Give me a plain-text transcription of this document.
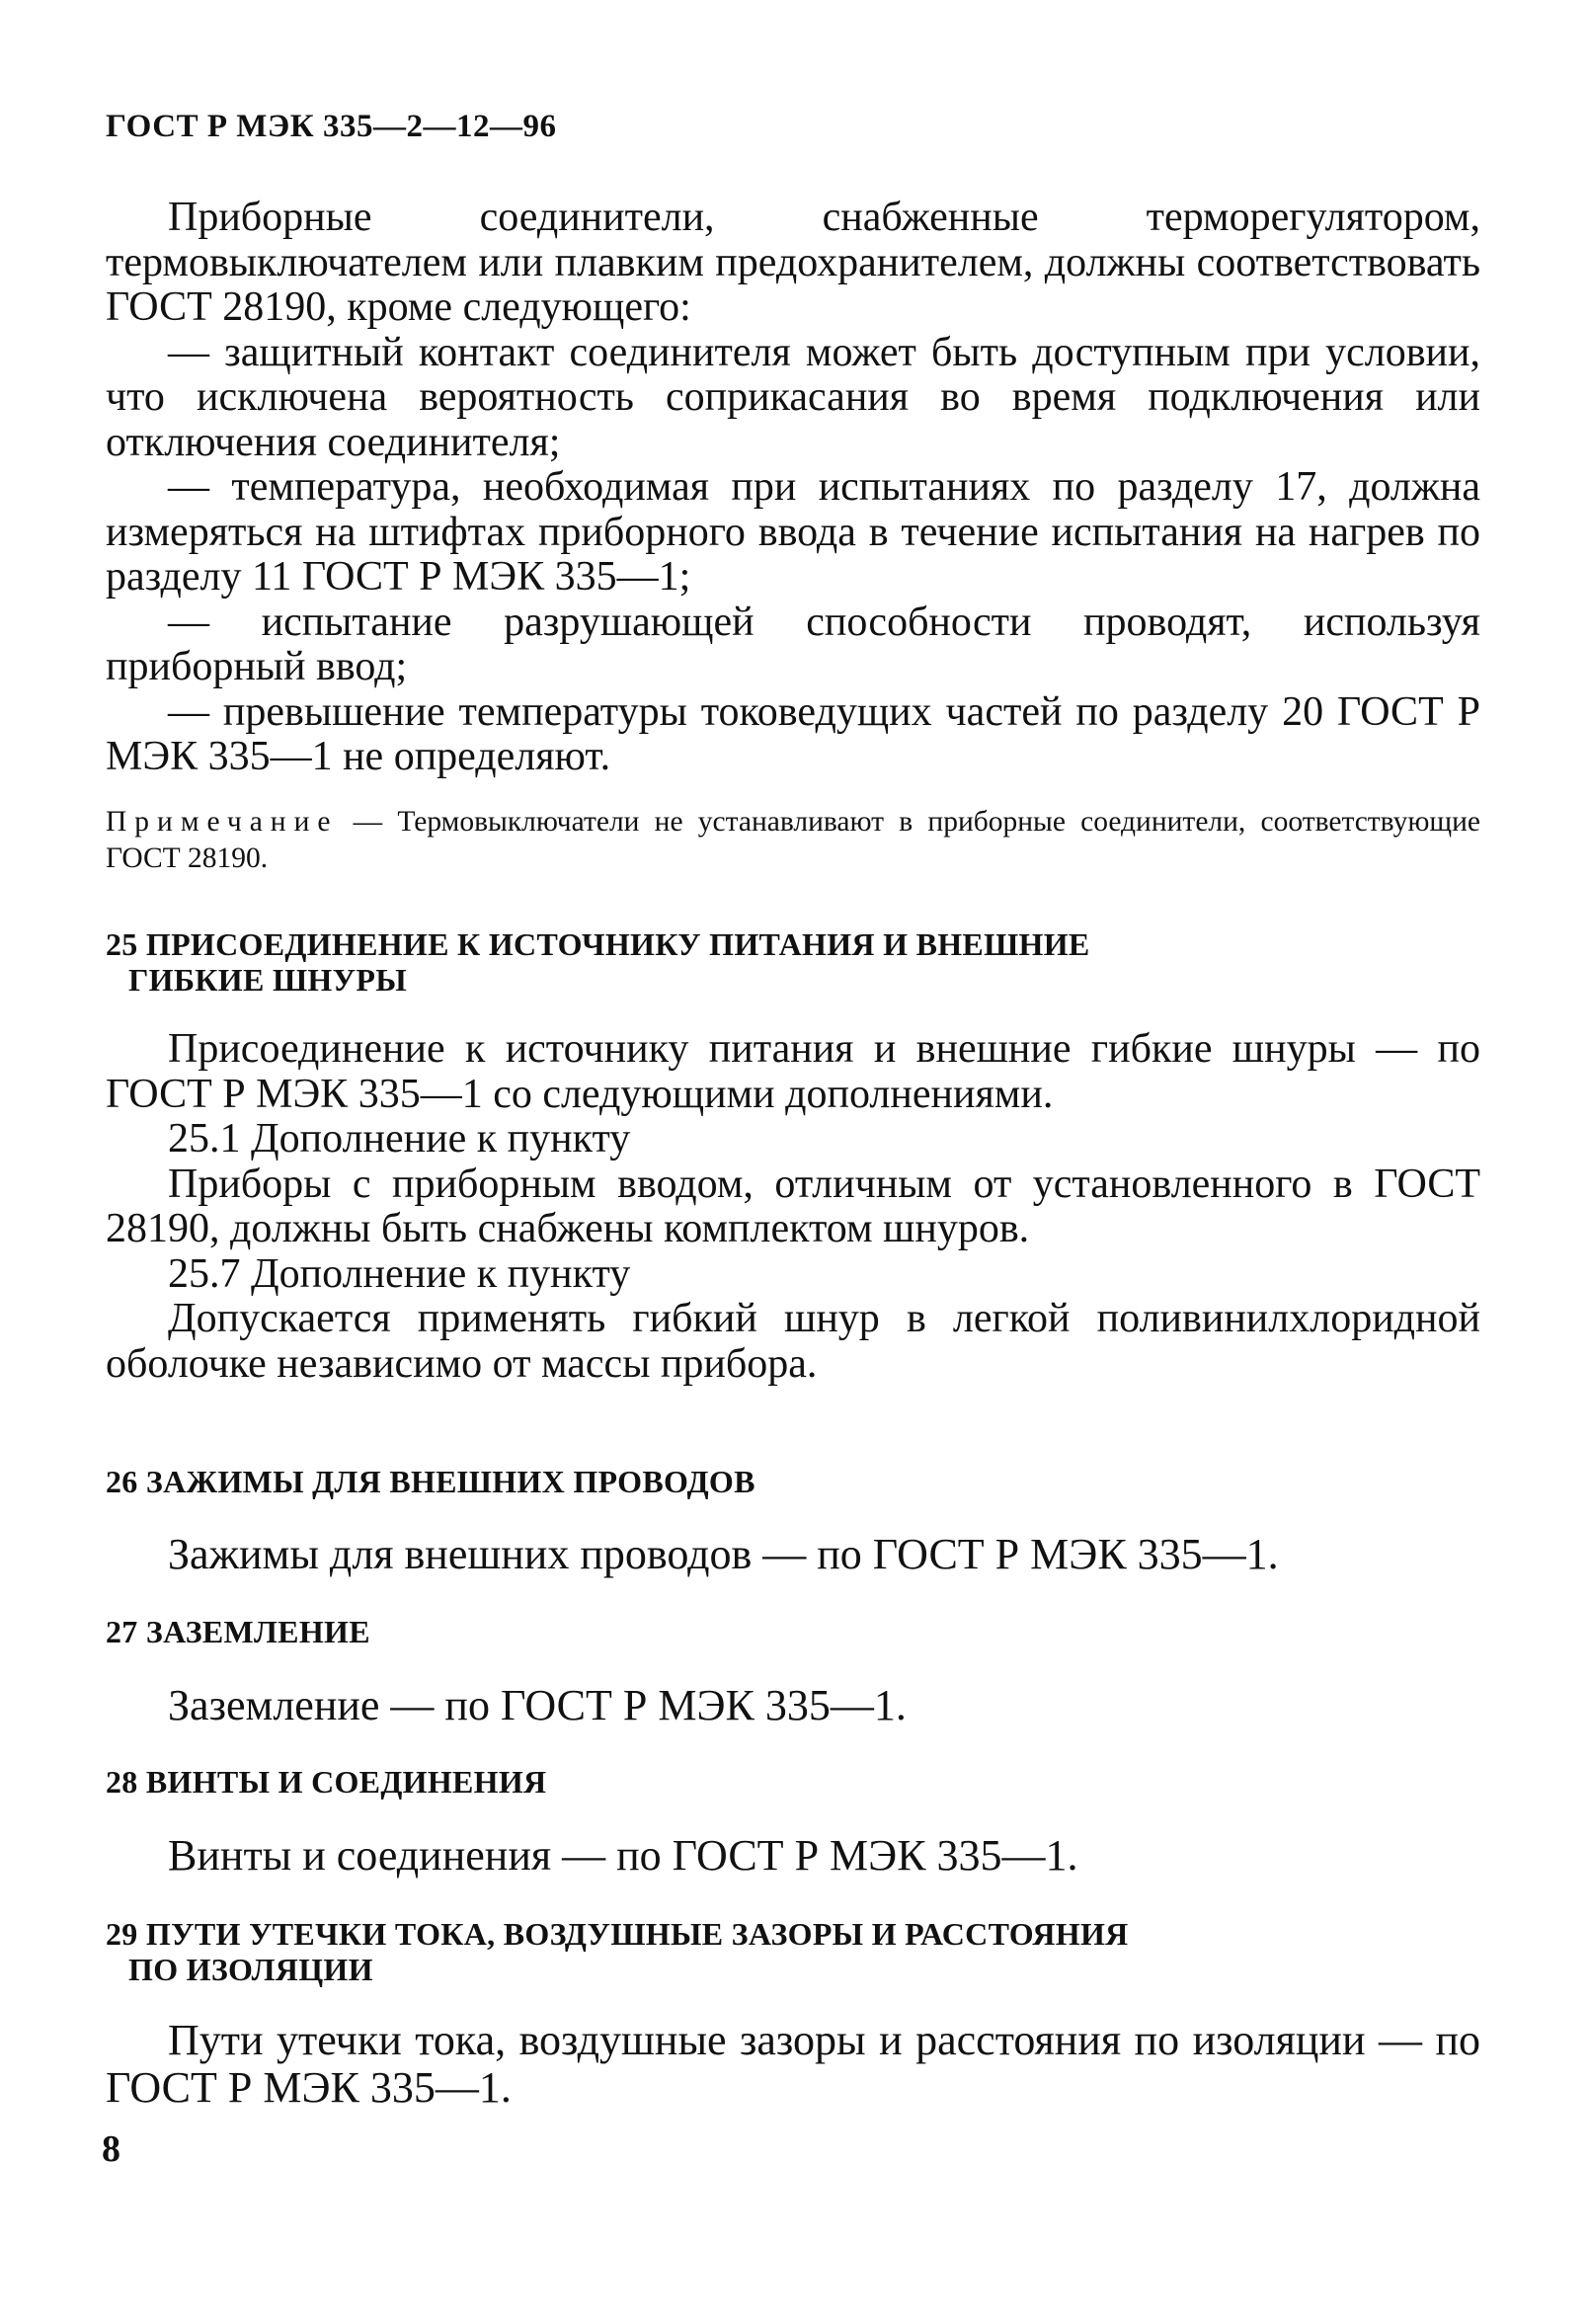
ГОСТ Р МЭК 335—2—12—96
Приборные соединители, снабженные терморегулятором, термовыключателем или плавким предохранителем, должны соответствовать ГОСТ 28190, кроме следующего:
— защитный контакт соединителя может быть доступным при условии, что исключена вероятность соприкасания во время подключения или отключения соединителя;
— температура, необходимая при испытаниях по разделу 17, должна измеряться на штифтах приборного ввода в течение испытания на нагрев по разделу 11 ГОСТ Р МЭК 335—1;
— испытание разрушающей способности проводят, используя приборный ввод;
— превышение температуры токоведущих частей по разделу 20 ГОСТ Р МЭК 335—1 не определяют.
Примечание — Термовыключатели не устанавливают в приборные соединители, соответствующие ГОСТ 28190.
25 ПРИСОЕДИНЕНИЕ К ИСТОЧНИКУ ПИТАНИЯ И ВНЕШНИЕ
ГИБКИЕ ШНУРЫ
Присоединение к источнику питания и внешние гибкие шнуры — по ГОСТ Р МЭК 335—1 со следующими дополнениями.
25.1 Дополнение к пункту
Приборы с приборным вводом, отличным от установленного в ГОСТ 28190, должны быть снабжены комплектом шнуров.
25.7 Дополнение к пункту
Допускается применять гибкий шнур в легкой поливинилхлоридной оболочке независимо от массы прибора.
26 ЗАЖИМЫ ДЛЯ ВНЕШНИХ ПРОВОДОВ
Зажимы для внешних проводов — по ГОСТ Р МЭК 335—1.
27 ЗАЗЕМЛЕНИЕ
Заземление — по ГОСТ Р МЭК 335—1.
28 ВИНТЫ И СОЕДИНЕНИЯ
Винты и соединения — по ГОСТ Р МЭК 335—1.
29 ПУТИ УТЕЧКИ ТОКА, ВОЗДУШНЫЕ ЗАЗОРЫ И РАССТОЯНИЯ
ПО ИЗОЛЯЦИИ
Пути утечки тока, воздушные зазоры и расстояния по изоляции — по ГОСТ Р МЭК 335—1.
8
